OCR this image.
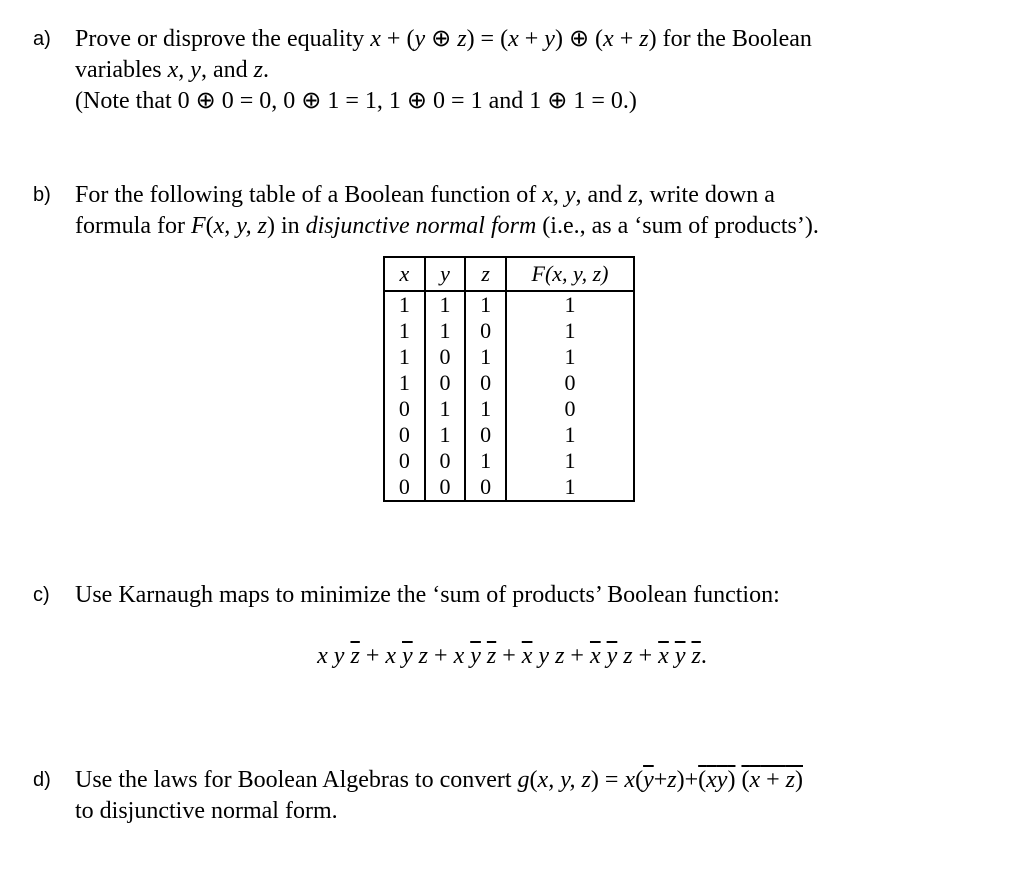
a) Prove or disprove the equality x + (y ⊕ z) = (x + y) ⊕ (x + z) for the Boolean
variables x, y, and z.
(Note that 0 ⊕ 0 = 0, 0 ⊕ 1 = 1, 1 ⊕ 0 = 1 and 1 ⊕ 1 = 0.)
b) For the following table of a Boolean function of x, y, and z, write down a
formula for F(x, y, z) in disjunctive normal form (i.e., as a ‘sum of products’).
x	y	z	F(x, y, z)
1	1	1	1
1	1	0	1
1	0	1	1
1	0	0	0
0	1	1	0
0	1	0	1
0	0	1	1
0	0	0	1
c) Use Karnaugh maps to minimize the ‘sum of products’ Boolean function:
x y $\overline{z} + x$ $\overline{y}$ z + x $\overline{y}$ $\overline{z} + \overline{x}$ y $z + \overline{x}$ $\overline{y}$ $z + \overline{x}$ $\overline{y}$ $\overline{z}$.
d) Use the laws for Boolean Algebras to convert g(x, y, $z) = x(\overline{y}+z)+(\overline{x}\overline{y}) (\overline{x} + \overline{z})$
to disjunctive normal form.
